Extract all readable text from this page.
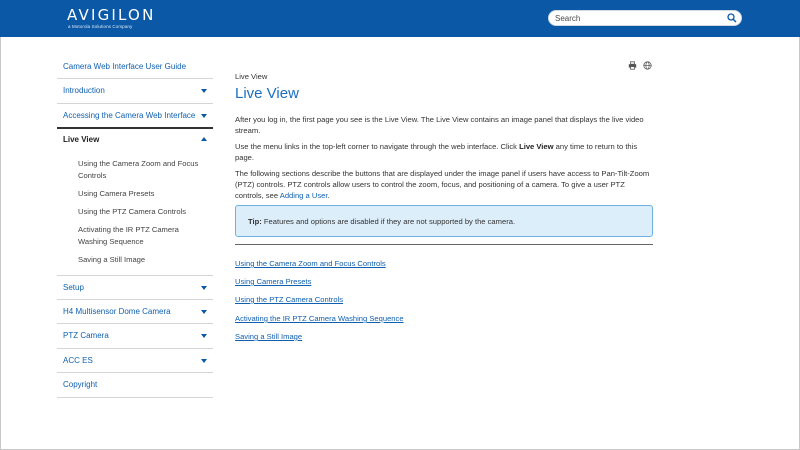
AVIGILON
a Motorola Solutions Company
Search
Camera Web Interface User Guide
Introduction
Accessing the Camera Web Interface
Live View
Using the Camera Zoom and Focus
Controls
Using Camera Presets
Using the PTZ Camera Controls
Activating the IR PTZ Camera
Washing Sequence
Saving a Still Image
Setup
H4 Multisensor Dome Camera
PTZ Camera
ACC ES
Copyright
Live View
Live View
After you log in, the first page you see is the Live View. The Live View contains an image panel that displays the live video stream.
Use the menu links in the top-left corner to navigate through the web interface. Click Live View any time to return to this page.
The following sections describe the buttons that are displayed under the image panel if users have access to Pan-Tilt-Zoom (PTZ) controls. PTZ controls allow users to control the zoom, focus, and positioning of a camera. To give a user PTZ controls, see Adding a User.
Tip: Features and options are disabled if they are not supported by the camera.
Using the Camera Zoom and Focus Controls
Using Camera Presets
Using the PTZ Camera Controls
Activating the IR PTZ Camera Washing Sequence
Saving a Still Image
